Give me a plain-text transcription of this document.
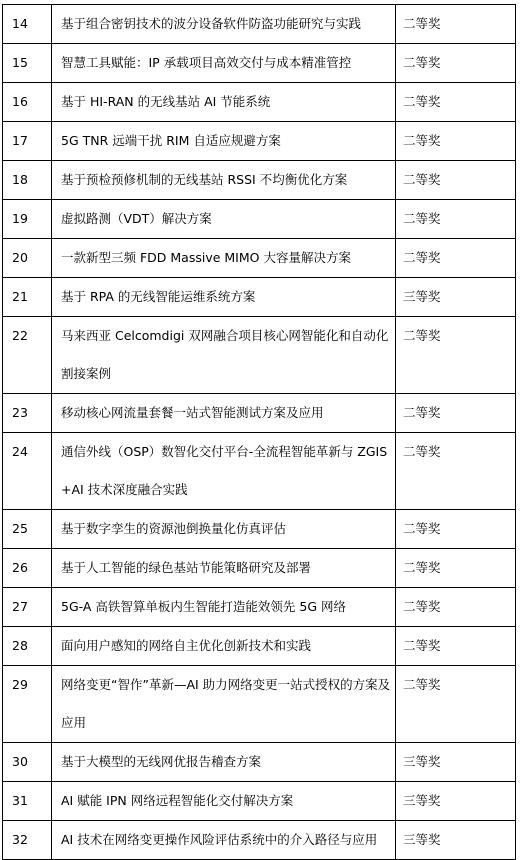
14	基于组合密钥技术的波分设备软件防盗功能研究与实践	二等奖
15	智慧工具赋能：IP 承载项目高效交付与成本精准管控	二等奖
16	基于 HI-RAN 的无线基站 AI 节能系统	二等奖
17	5G TNR 远端干扰 RIM 自适应规避方案	二等奖
18	基于预检预修机制的无线基站 RSSI 不均衡优化方案	二等奖
19	虚拟路测（VDT）解决方案	二等奖
20	一款新型三频 FDD Massive MIMO 大容量解决方案	二等奖
21	基于 RPA 的无线智能运维系统方案	三等奖
22	马来西亚 Celcomdigi 双网融合项目核心网智能化和自动化割接案例	二等奖
23	移动核心网流量套餐一站式智能测试方案及应用	二等奖
24	通信外线（OSP）数智化交付平台-全流程智能革新与 ZGIS+AI 技术深度融合实践	二等奖
25	基于数字孪生的资源池倒换量化仿真评估	二等奖
26	基于人工智能的绿色基站节能策略研究及部署	二等奖
27	5G-A 高铁智算单板内生智能打造能效领先 5G 网络	二等奖
28	面向用户感知的网络自主优化创新技术和实践	二等奖
29	网络变更“智作”革新—AI 助力网络变更一站式授权的方案及应用	二等奖
30	基于大模型的无线网优报告稽查方案	三等奖
31	AI 赋能 IPN 网络远程智能化交付解决方案	三等奖
32	AI 技术在网络变更操作风险评估系统中的介入路径与应用	三等奖
